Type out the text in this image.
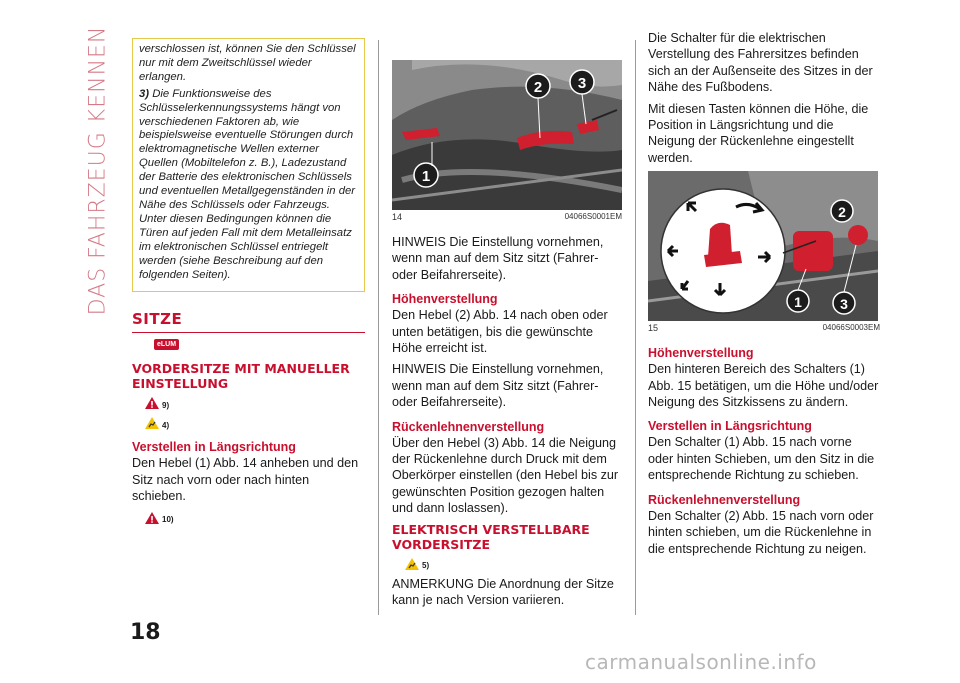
DAS FAHRZEUG KENNEN	verschlossen ist, können Sie den Schlüssel nur mit dem Zweitschlüssel wieder erlangen.

3) Die Funktionsweise des Schlüsselerkennungssystems hängt von verschiedenen Faktoren ab, wie beispielsweise eventuelle Störungen durch elektromagnetische Wellen externer Quellen (Mobiltelefon z. B.), Ladezustand der Batterie des elektronischen Schlüssels und eventuellen Metallgegenständen in der Nähe des Schlüssels oder Fahrzeugs. Unter diesen Bedingungen können die Türen auf jeden Fall mit dem Metalleinsatz im elektronischen Schlüssel entriegelt werden (siehe Beschreibung auf den folgenden Seiten).

SITZE
eLUM
VORDERSITZE MIT MANUELLER EINSTELLUNG
9)
4)
Verstellen in Längsrichtung

Den Hebel (1) Abb. 14 anheben und den Sitz nach vorn oder nach hinten schieben.

10)
1
2 3
14	04066S0001EM

HINWEIS Die Einstellung vornehmen, wenn man auf dem Sitz sitzt (Fahrer- oder Beifahrerseite).

Höhenverstellung

Den Hebel (2) Abb. 14 nach oben oder unten betätigen, bis die gewünschte Höhe erreicht ist.

HINWEIS Die Einstellung vornehmen, wenn man auf dem Sitz sitzt (Fahrer- oder Beifahrerseite).

Rückenlehnenverstellung

Über den Hebel (3) Abb. 14 die Neigung der Rückenlehne durch Druck mit dem Oberkörper einstellen (den Hebel bis zur gewünschten Position gezogen halten und dann loslassen).

ELEKTRISCH VERSTELLBARE VORDERSITZE
5)

ANMERKUNG Die Anordnung der Sitze kann je nach Version variieren.

Die Schalter für die elektrischen Verstellung des Fahrersitzes befinden sich an der Außenseite des Sitzes in der Nähe des Fußbodens.

Mit diesen Tasten können die Höhe, die Position in Längsrichtung und die Neigung der Rückenlehne eingestellt werden.

1
2
3
15	04066S0003EM
Höhenverstellung

Den hinteren Bereich des Schalters (1) Abb. 15 betätigen, um die Höhe und/oder Neigung des Sitzkissens zu ändern.

Verstellen in Längsrichtung

Den Schalter (1) Abb. 15 nach vorne oder hinten Schieben, um den Sitz in die entsprechende Richtung zu schieben.

Rückenlehnenverstellung

Den Schalter (2) Abb. 15 nach vorn oder hinten schieben, um die Rückenlehne in die entsprechende Richtung zu neigen.

18
carmanualsonline.info
